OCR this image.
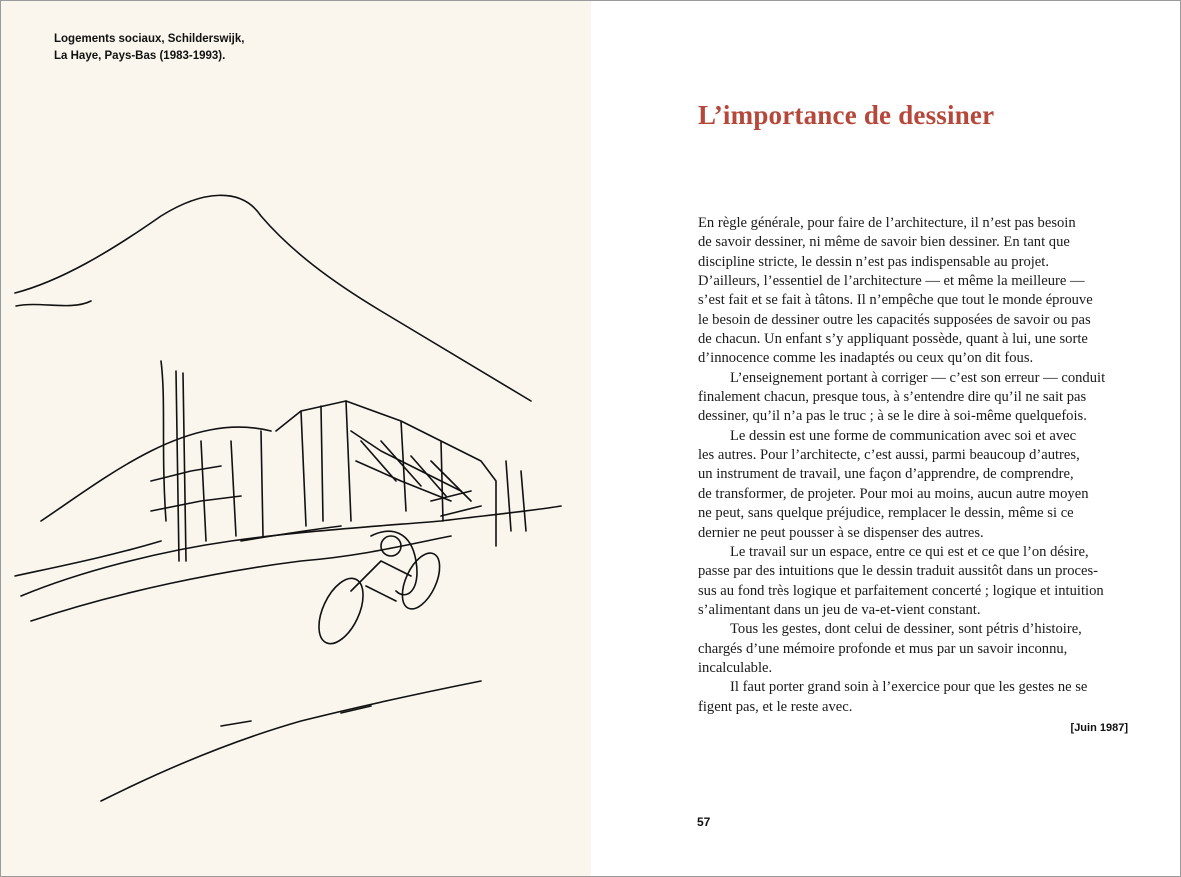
Logements sociaux, Schilderswijk,
La Haye, Pays-Bas (1983-1993).
L’importance de dessiner
En règle générale, pour faire de l’architecture, il n’est pas besoin
de savoir dessiner, ni même de savoir bien dessiner. En tant que
discipline stricte, le dessin n’est pas indispensable au projet.
D’ailleurs, l’essentiel de l’architecture — et même la meilleure —
s’est fait et se fait à tâtons. Il n’empêche que tout le monde éprouve
le besoin de dessiner outre les capacités supposées de savoir ou pas
de chacun. Un enfant s’y appliquant possède, quant à lui, une sorte
d’innocence comme les inadaptés ou ceux qu’on dit fous.
L’enseignement portant à corriger — c’est son erreur — conduit
finalement chacun, presque tous, à s’entendre dire qu’il ne sait pas
dessiner, qu’il n’a pas le truc ; à se le dire à soi-même quelquefois.
Le dessin est une forme de communication avec soi et avec
les autres. Pour l’architecte, c’est aussi, parmi beaucoup d’autres,
un instrument de travail, une façon d’apprendre, de comprendre,
de transformer, de projeter. Pour moi au moins, aucun autre moyen
ne peut, sans quelque préjudice, remplacer le dessin, même si ce
dernier ne peut pousser à se dispenser des autres.
Le travail sur un espace, entre ce qui est et ce que l’on désire,
passe par des intuitions que le dessin traduit aussitôt dans un proces-
sus au fond très logique et parfaitement concerté ; logique et intuition
s’alimentant dans un jeu de va-et-vient constant.
Tous les gestes, dont celui de dessiner, sont pétris d’histoire,
chargés d’une mémoire profonde et mus par un savoir inconnu,
incalculable.
Il faut porter grand soin à l’exercice pour que les gestes ne se
figent pas, et le reste avec.
[Juin 1987]
57
